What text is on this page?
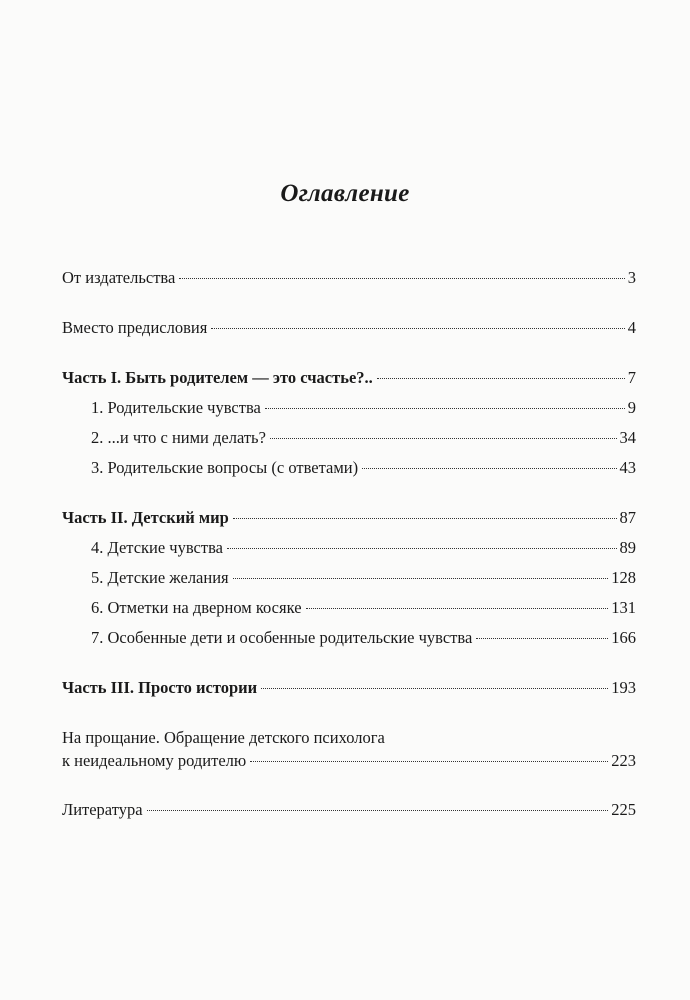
Оглавление
От издательства	3
Вместо предисловия	4
Часть I. Быть родителем — это счастье?..	7
1. Родительские чувства	9
2. ...и что с ними делать?	34
3. Родительские вопросы (с ответами)	43
Часть II. Детский мир	87
4. Детские чувства	89
5. Детские желания	128
6. Отметки на дверном косяке	131
7. Особенные дети и особенные родительские чувства	166
Часть III. Просто истории	193
На прощание. Обращение детского психолога
к неидеальному родителю	223
Литература	225
